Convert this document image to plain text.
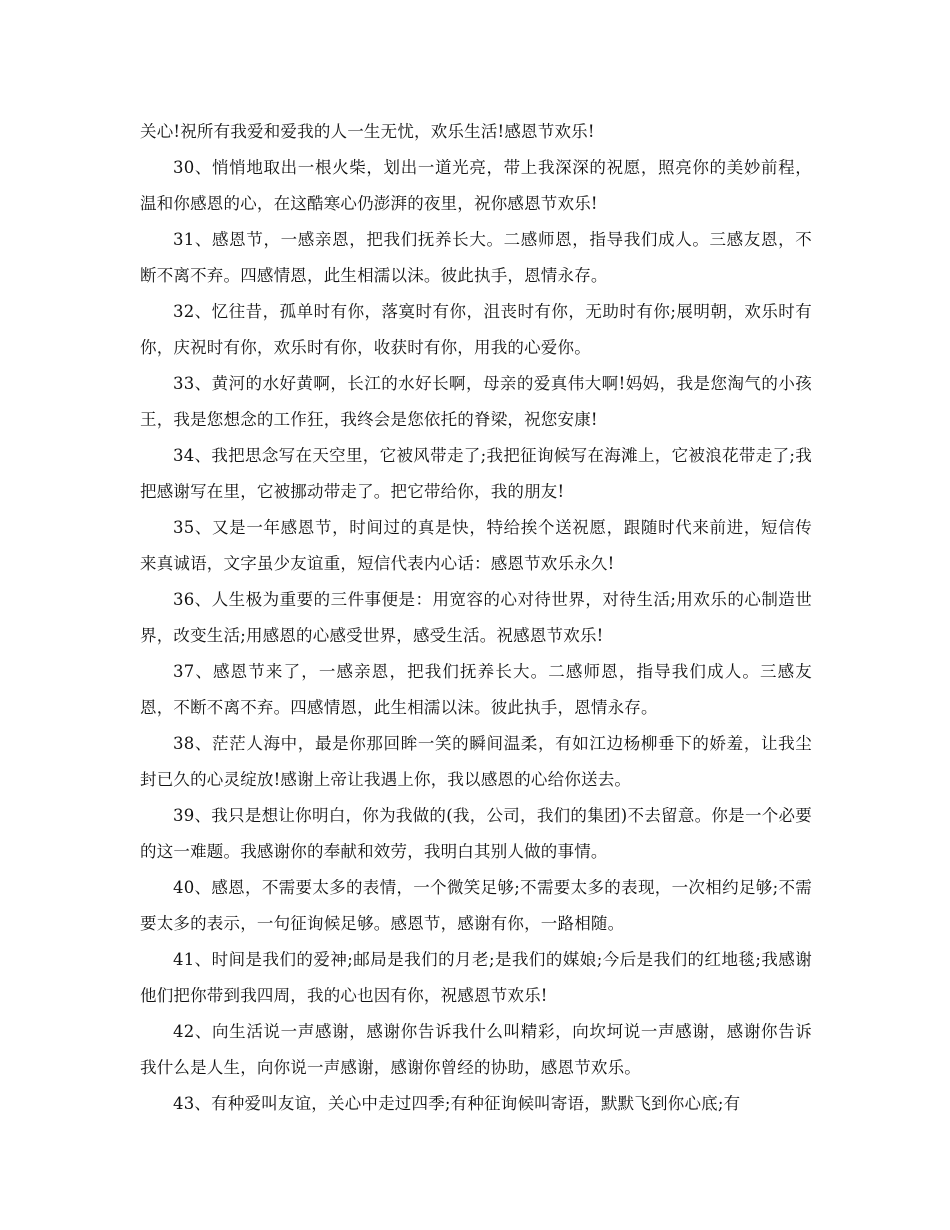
关心!祝所有我爱和爱我的人一生无忧，欢乐生活!感恩节欢乐!

30、悄悄地取出一根火柴，划出一道光亮，带上我深深的祝愿，照亮你的美妙前程，温和你感恩的心，在这酷寒心仍澎湃的夜里，祝你感恩节欢乐!

31、感恩节，一感亲恩，把我们抚养长大。二感师恩，指导我们成人。三感友恩，不断不离不弃。四感情恩，此生相濡以沫。彼此执手，恩情永存。

32、忆往昔，孤单时有你，落寞时有你，沮丧时有你，无助时有你;展明朝，欢乐时有你，庆祝时有你，欢乐时有你，收获时有你，用我的心爱你。

33、黄河的水好黄啊，长江的水好长啊，母亲的爱真伟大啊!妈妈，我是您淘气的小孩王，我是您想念的工作狂，我终会是您依托的脊梁，祝您安康!

34、我把思念写在天空里，它被风带走了;我把征询候写在海滩上，它被浪花带走了;我把感谢写在里，它被挪动带走了。把它带给你，我的朋友!

35、又是一年感恩节，时间过的真是快，特给挨个送祝愿，跟随时代来前进，短信传来真诚语，文字虽少友谊重，短信代表内心话：感恩节欢乐永久!

36、人生极为重要的三件事便是：用宽容的心对待世界，对待生活;用欢乐的心制造世界，改变生活;用感恩的心感受世界，感受生活。祝感恩节欢乐!

37、感恩节来了，一感亲恩，把我们抚养长大。二感师恩，指导我们成人。三感友恩，不断不离不弃。四感情恩，此生相濡以沫。彼此执手，恩情永存。

38、茫茫人海中，最是你那回眸一笑的瞬间温柔，有如江边杨柳垂下的娇羞，让我尘封已久的心灵绽放!感谢上帝让我遇上你，我以感恩的心给你送去。

39、我只是想让你明白，你为我做的(我，公司，我们的集团)不去留意。你是一个必要的这一难题。我感谢你的奉献和效劳，我明白其别人做的事情。

40、感恩，不需要太多的表情，一个微笑足够;不需要太多的表现，一次相约足够;不需要太多的表示，一句征询候足够。感恩节，感谢有你，一路相随。

41、时间是我们的爱神;邮局是我们的月老;是我们的媒娘;今后是我们的红地毯;我感谢他们把你带到我四周，我的心也因有你，祝感恩节欢乐!

42、向生活说一声感谢，感谢你告诉我什么叫精彩，向坎坷说一声感谢，感谢你告诉我什么是人生，向你说一声感谢，感谢你曾经的协助，感恩节欢乐。

43、有种爱叫友谊，关心中走过四季;有种征询候叫寄语，默默飞到你心底;有
